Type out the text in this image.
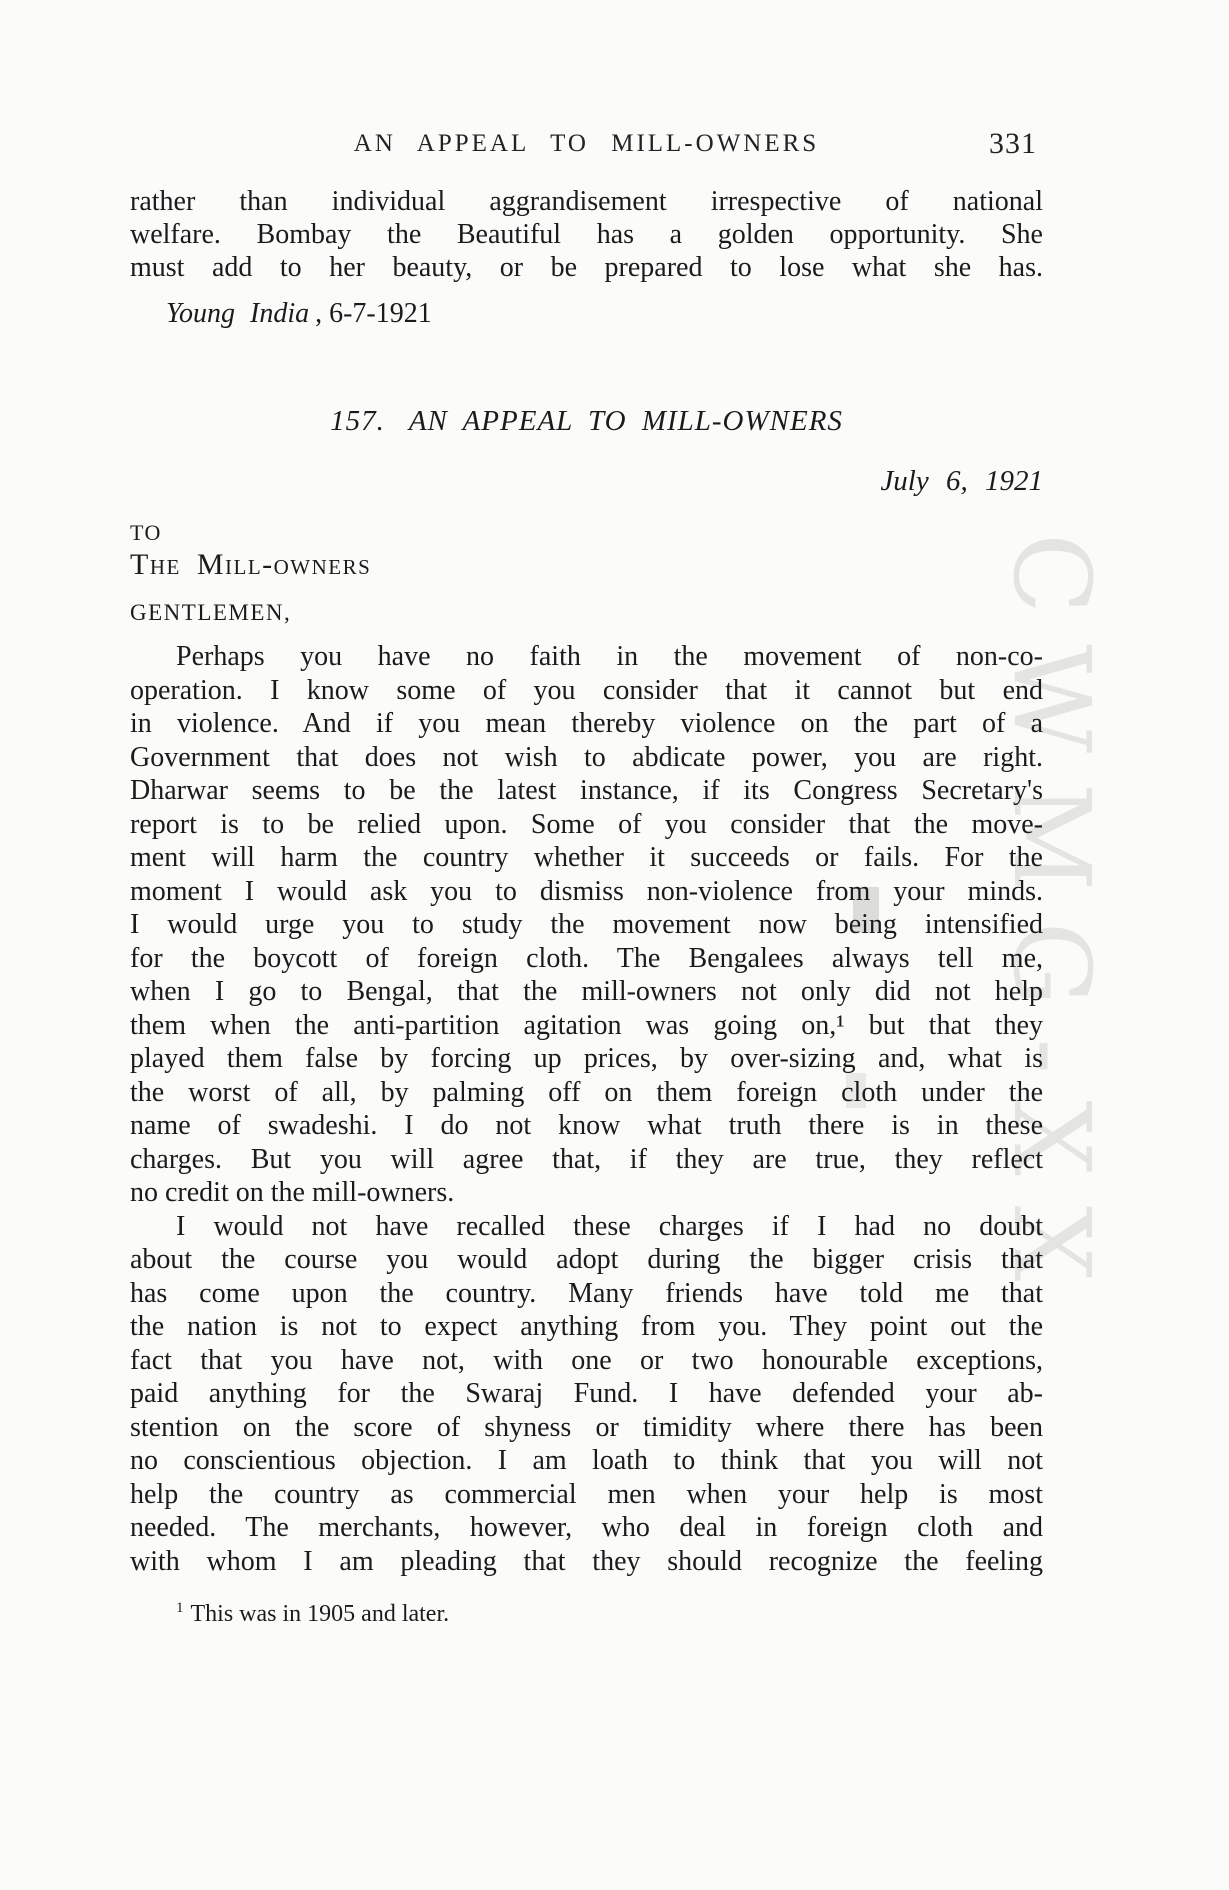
CWMG-XX
AN APPEAL TO MILL-OWNERS	331
rather than individual aggrandisement irrespective of national
welfare. Bombay the Beautiful has a golden opportunity. She
must add to her beauty, or be prepared to lose what she has.
Young India , 6-7-1921
157. AN APPEAL TO MILL-OWNERS
July 6, 1921
TO
The Mill-owners
GENTLEMEN,
Perhaps you have no faith in the movement of non-co-
operation. I know some of you consider that it cannot but end
in violence. And if you mean thereby violence on the part of a
Government that does not wish to abdicate power, you are right.
Dharwar seems to be the latest instance, if its Congress Secretary's
report is to be relied upon. Some of you consider that the move-
ment will harm the country whether it succeeds or fails. For the
moment I would ask you to dismiss non-violence from your minds.
I would urge you to study the movement now being intensified
for the boycott of foreign cloth. The Bengalees always tell me,
when I go to Bengal, that the mill-owners not only did not help
them when the anti-partition agitation was going on,¹ but that they
played them false by forcing up prices, by over-sizing and, what is
the worst of all, by palming off on them foreign cloth under the
name of swadeshi. I do not know what truth there is in these
charges. But you will agree that, if they are true, they reflect
no credit on the mill-owners.
I would not have recalled these charges if I had no doubt
about the course you would adopt during the bigger crisis that
has come upon the country. Many friends have told me that
the nation is not to expect anything from you. They point out the
fact that you have not, with one or two honourable exceptions,
paid anything for the Swaraj Fund. I have defended your ab-
stention on the score of shyness or timidity where there has been
no conscientious objection. I am loath to think that you will not
help the country as commercial men when your help is most
needed. The merchants, however, who deal in foreign cloth and
with whom I am pleading that they should recognize the feeling
$^1$ This was in 1905 and later.
